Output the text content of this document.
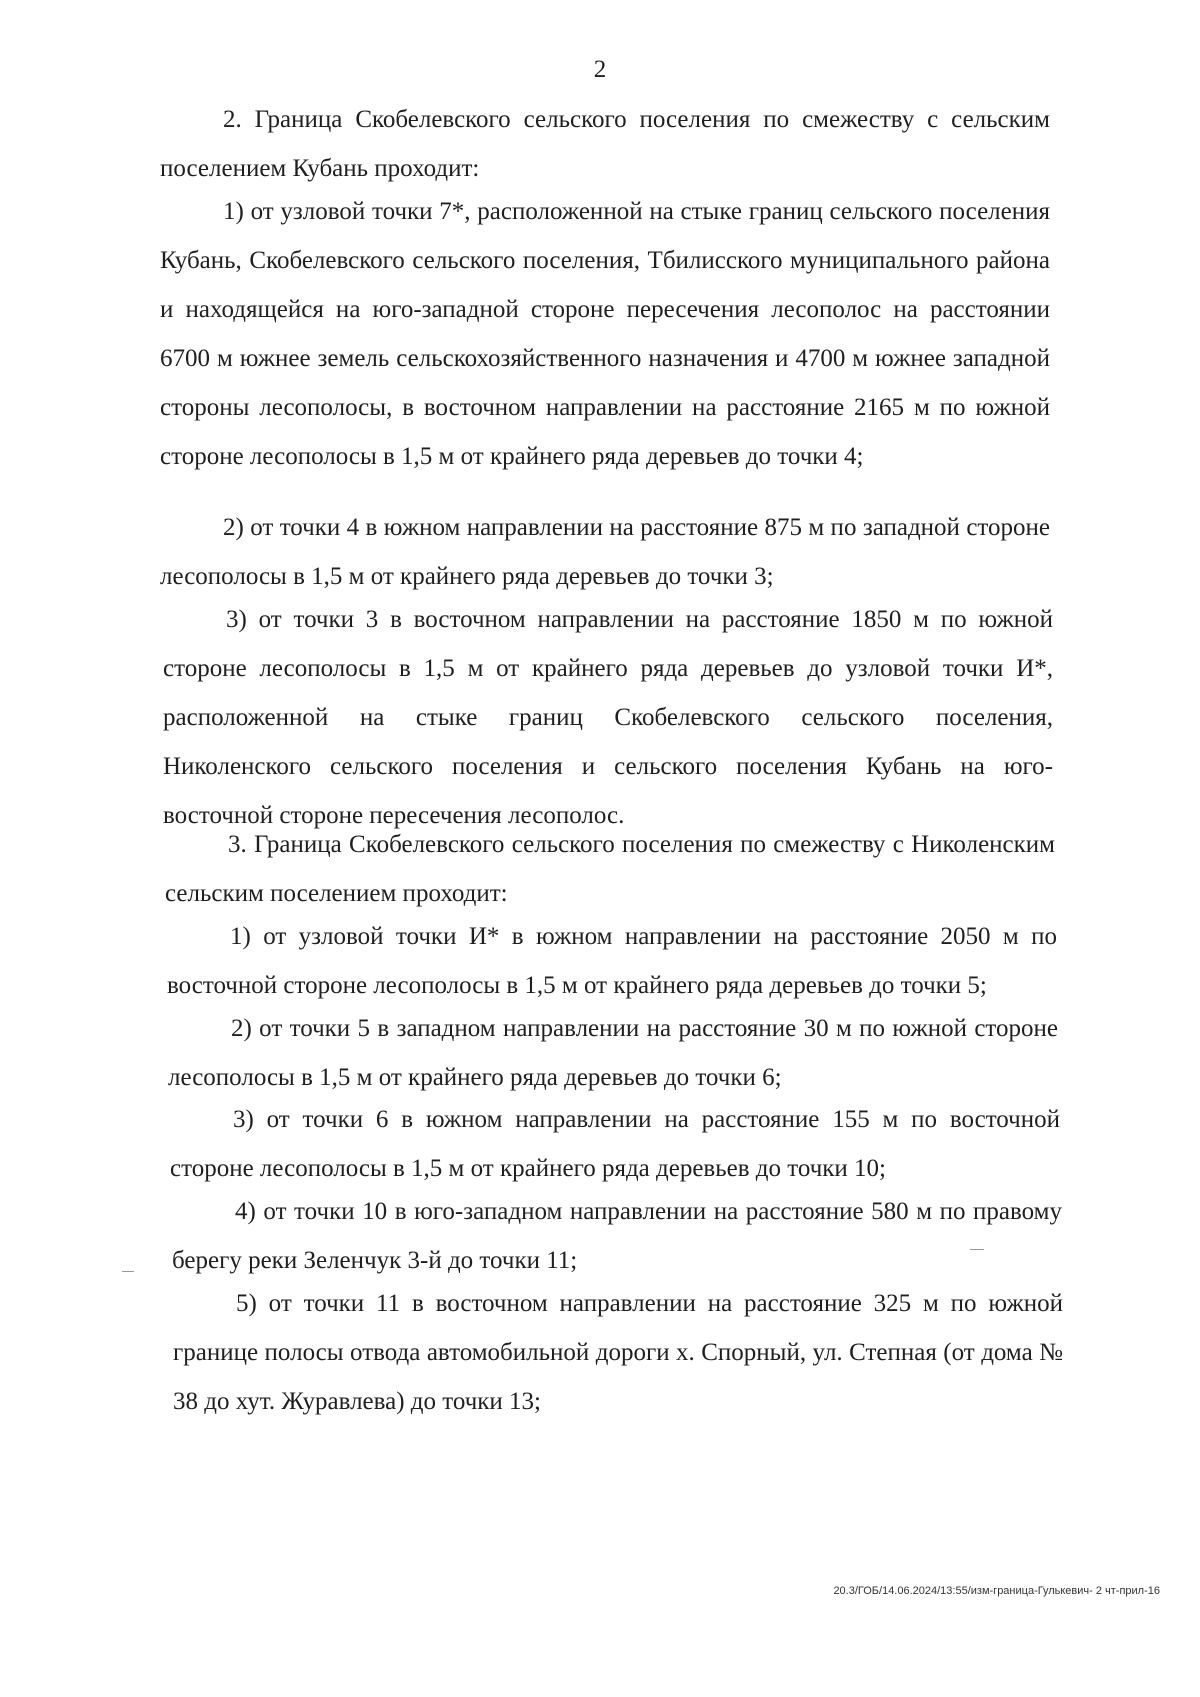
2

2. Граница Скобелевского сельского поселения по смежеству с сельским поселением Кубань проходит:

1) от узловой точки 7*, расположенной на стыке границ сельского поселения Кубань, Скобелевского сельского поселения, Тбилисского муниципального района и находящейся на юго-западной стороне пересечения лесополос на расстоянии 6700 м южнее земель сельскохозяйственного назначения и 4700 м южнее западной стороны лесополосы, в восточном направлении на расстояние 2165 м по южной стороне лесополосы в 1,5 м от крайнего ряда деревьев до точки 4;

2) от точки 4 в южном направлении на расстояние 875 м по западной стороне лесополосы в 1,5 м от крайнего ряда деревьев до точки 3;

3) от точки 3 в восточном направлении на расстояние 1850 м по южной стороне лесополосы в 1,5 м от крайнего ряда деревьев до узловой точки И*, расположенной на стыке границ Скобелевского сельского поселения, Николенского сельского поселения и сельского поселения Кубань на юго-восточной стороне пересечения лесополос.

3. Граница Скобелевского сельского поселения по смежеству с Николенским сельским поселением проходит:

1) от узловой точки И* в южном направлении на расстояние 2050 м по восточной стороне лесополосы в 1,5 м от крайнего ряда деревьев до точки 5;

2) от точки 5 в западном направлении на расстояние 30 м по южной стороне лесополосы в 1,5 м от крайнего ряда деревьев до точки 6;

3) от точки 6 в южном направлении на расстояние 155 м по восточной стороне лесополосы в 1,5 м от крайнего ряда деревьев до точки 10;

4) от точки 10 в юго-западном направлении на расстояние 580 м по правому берегу реки Зеленчук 3-й до точки 11;

5) от точки 11 в восточном направлении на расстояние 325 м по южной границе полосы отвода автомобильной дороги х. Спорный, ул. Степная (от дома № 38 до хут. Журавлева) до точки 13;

20.3/ГОБ/14.06.2024/13:55/изм-граница-Гулькевич- 2 чт-прил-16
